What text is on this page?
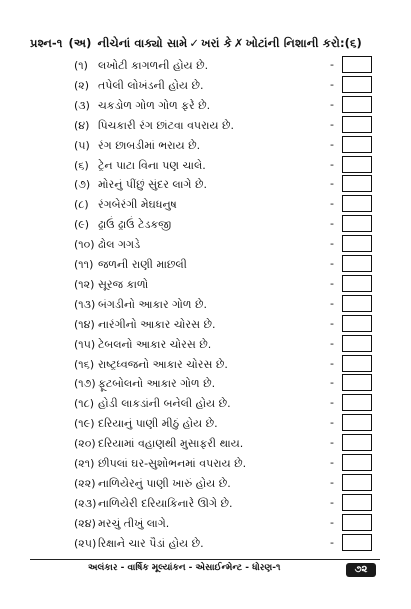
પ્રશ્ન-૧ (અ) નીચેનાં વાક્યો સામે ✓ ખરાં કે ✗ ખોટાંની નિશાની કરો:(૬)
(૧) લખોટી કાગળની હોય છે.	-
(૨) તપેલી લોખંડની હોય છે.	-
(૩) ચકડોળ ગોળ ગોળ ફરે છે.	-
(૪) પિચકારી રંગ છાંટવા વપરાય છે.	-
(૫) રંગ છાબડીમાં ભરાય છે.	-
(૬) ટ્રેન પાટા વિના પણ ચાલે.	-
(૭) મોરનું પીંછું સુંદર લાગે છે.	-
(૮) રંગબેરંગી મેઘધનુષ	-
(૯) ઢ્રાઉં ઢ્રાઉં ટેડકજી	-
(૧૦) ઢોલ ગગડે	-
(૧૧) જળની રાણી માછલી	-
(૧૨) સૂરજ કાળો	-
(૧૩) બંગડીનો આકાર ગોળ છે.	-
(૧૪) નારંગીનો આકાર ચોરસ છે.	-
(૧૫) ટેબલનો આકાર ચોરસ છે.	-
(૧૬) રાષ્ટ્રધ્વજનો આકાર ચોરસ છે.	-
(૧૭) ફૂટબોલનો આકાર ગોળ છે.	-
(૧૮) હોડી લાકડાંની બનેલી હોય છે.	-
(૧૯) દરિયાનું પાણી મીઠું હોય છે.	-
(૨૦) દરિયામાં વહાણથી મુસાફરી થાય.	-
(૨૧) છીપલાં ઘર-સુશોભનમાં વપરાય છે.	-
(૨૨) નાળિયેરનું પાણી ખારું હોય છે.	-
(૨૩) નાળિયેરી દરિયાકિનારે ઊગે છે.	-
(૨૪) મરચું તીખું લાગે.	-
(૨૫) રિક્ષાને ચાર પૈડાં હોય છે.	-
અલંકાર - વાર્ષિક મૂલ્યાંકન - એસાઈન્મેન્ટ - ધોરણ-૧	૭૨
